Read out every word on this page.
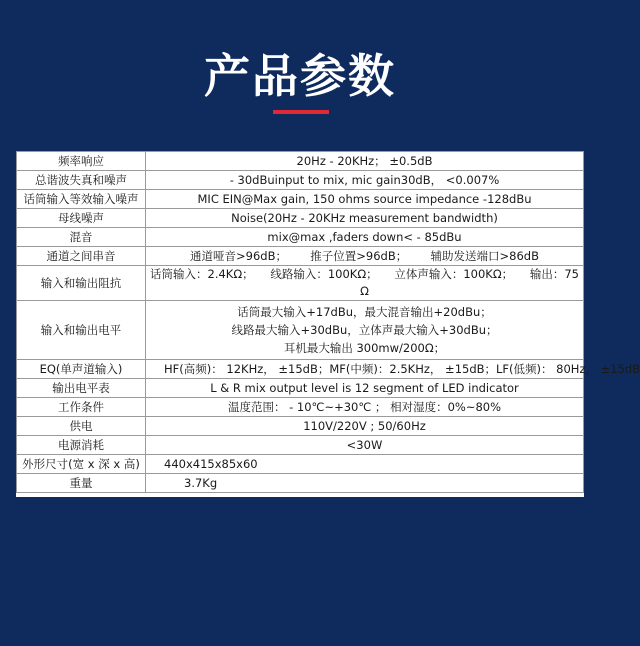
产品参数
频率响应	20Hz - 20KHz； ±0.5dB
总谐波失真和噪声	- 30dBuinput to mix, mic gain30dB， <0.007%
话筒输入等效输入噪声	MIC EIN@Max gain, 150 ohms source impedance -128dBu
母线噪声	Noise(20Hz - 20KHz measurement bandwidth)
混音	mix@max ,faders down< - 85dBu
通道之间串音	通道哑音>96dB； 推子位置>96dB； 辅助发送端口>86dB

输入和输出阻抗	话筒输入：2.4KΩ； 线路输入：100KΩ； 立体声输入：100KΩ； 输出：75
Ω

输入和输出电平	话筒最大输入+17dBu，最大混音输出+20dBu；
线路最大输入+30dBu，立体声最大输入+30dBu；
耳机最大输出 300mw/200Ω；

EQ(单声道输入)	HF(高频)： 12KHz， ±15dB； MF(中频)：2.5KHz， ±15dB； LF(低频)： 80Hz， ±15dB

输出电平表	L & R mix output level is 12 segment of LED indicator
工作条件	温度范围： - 10℃~+30℃ ； 相对湿度：0%~80%
供电	110V/220V ; 50/60Hz
电源消耗	<30W
外形尺寸(宽 x 深 x 高)	440x415x85x60
重量	3.7Kg
